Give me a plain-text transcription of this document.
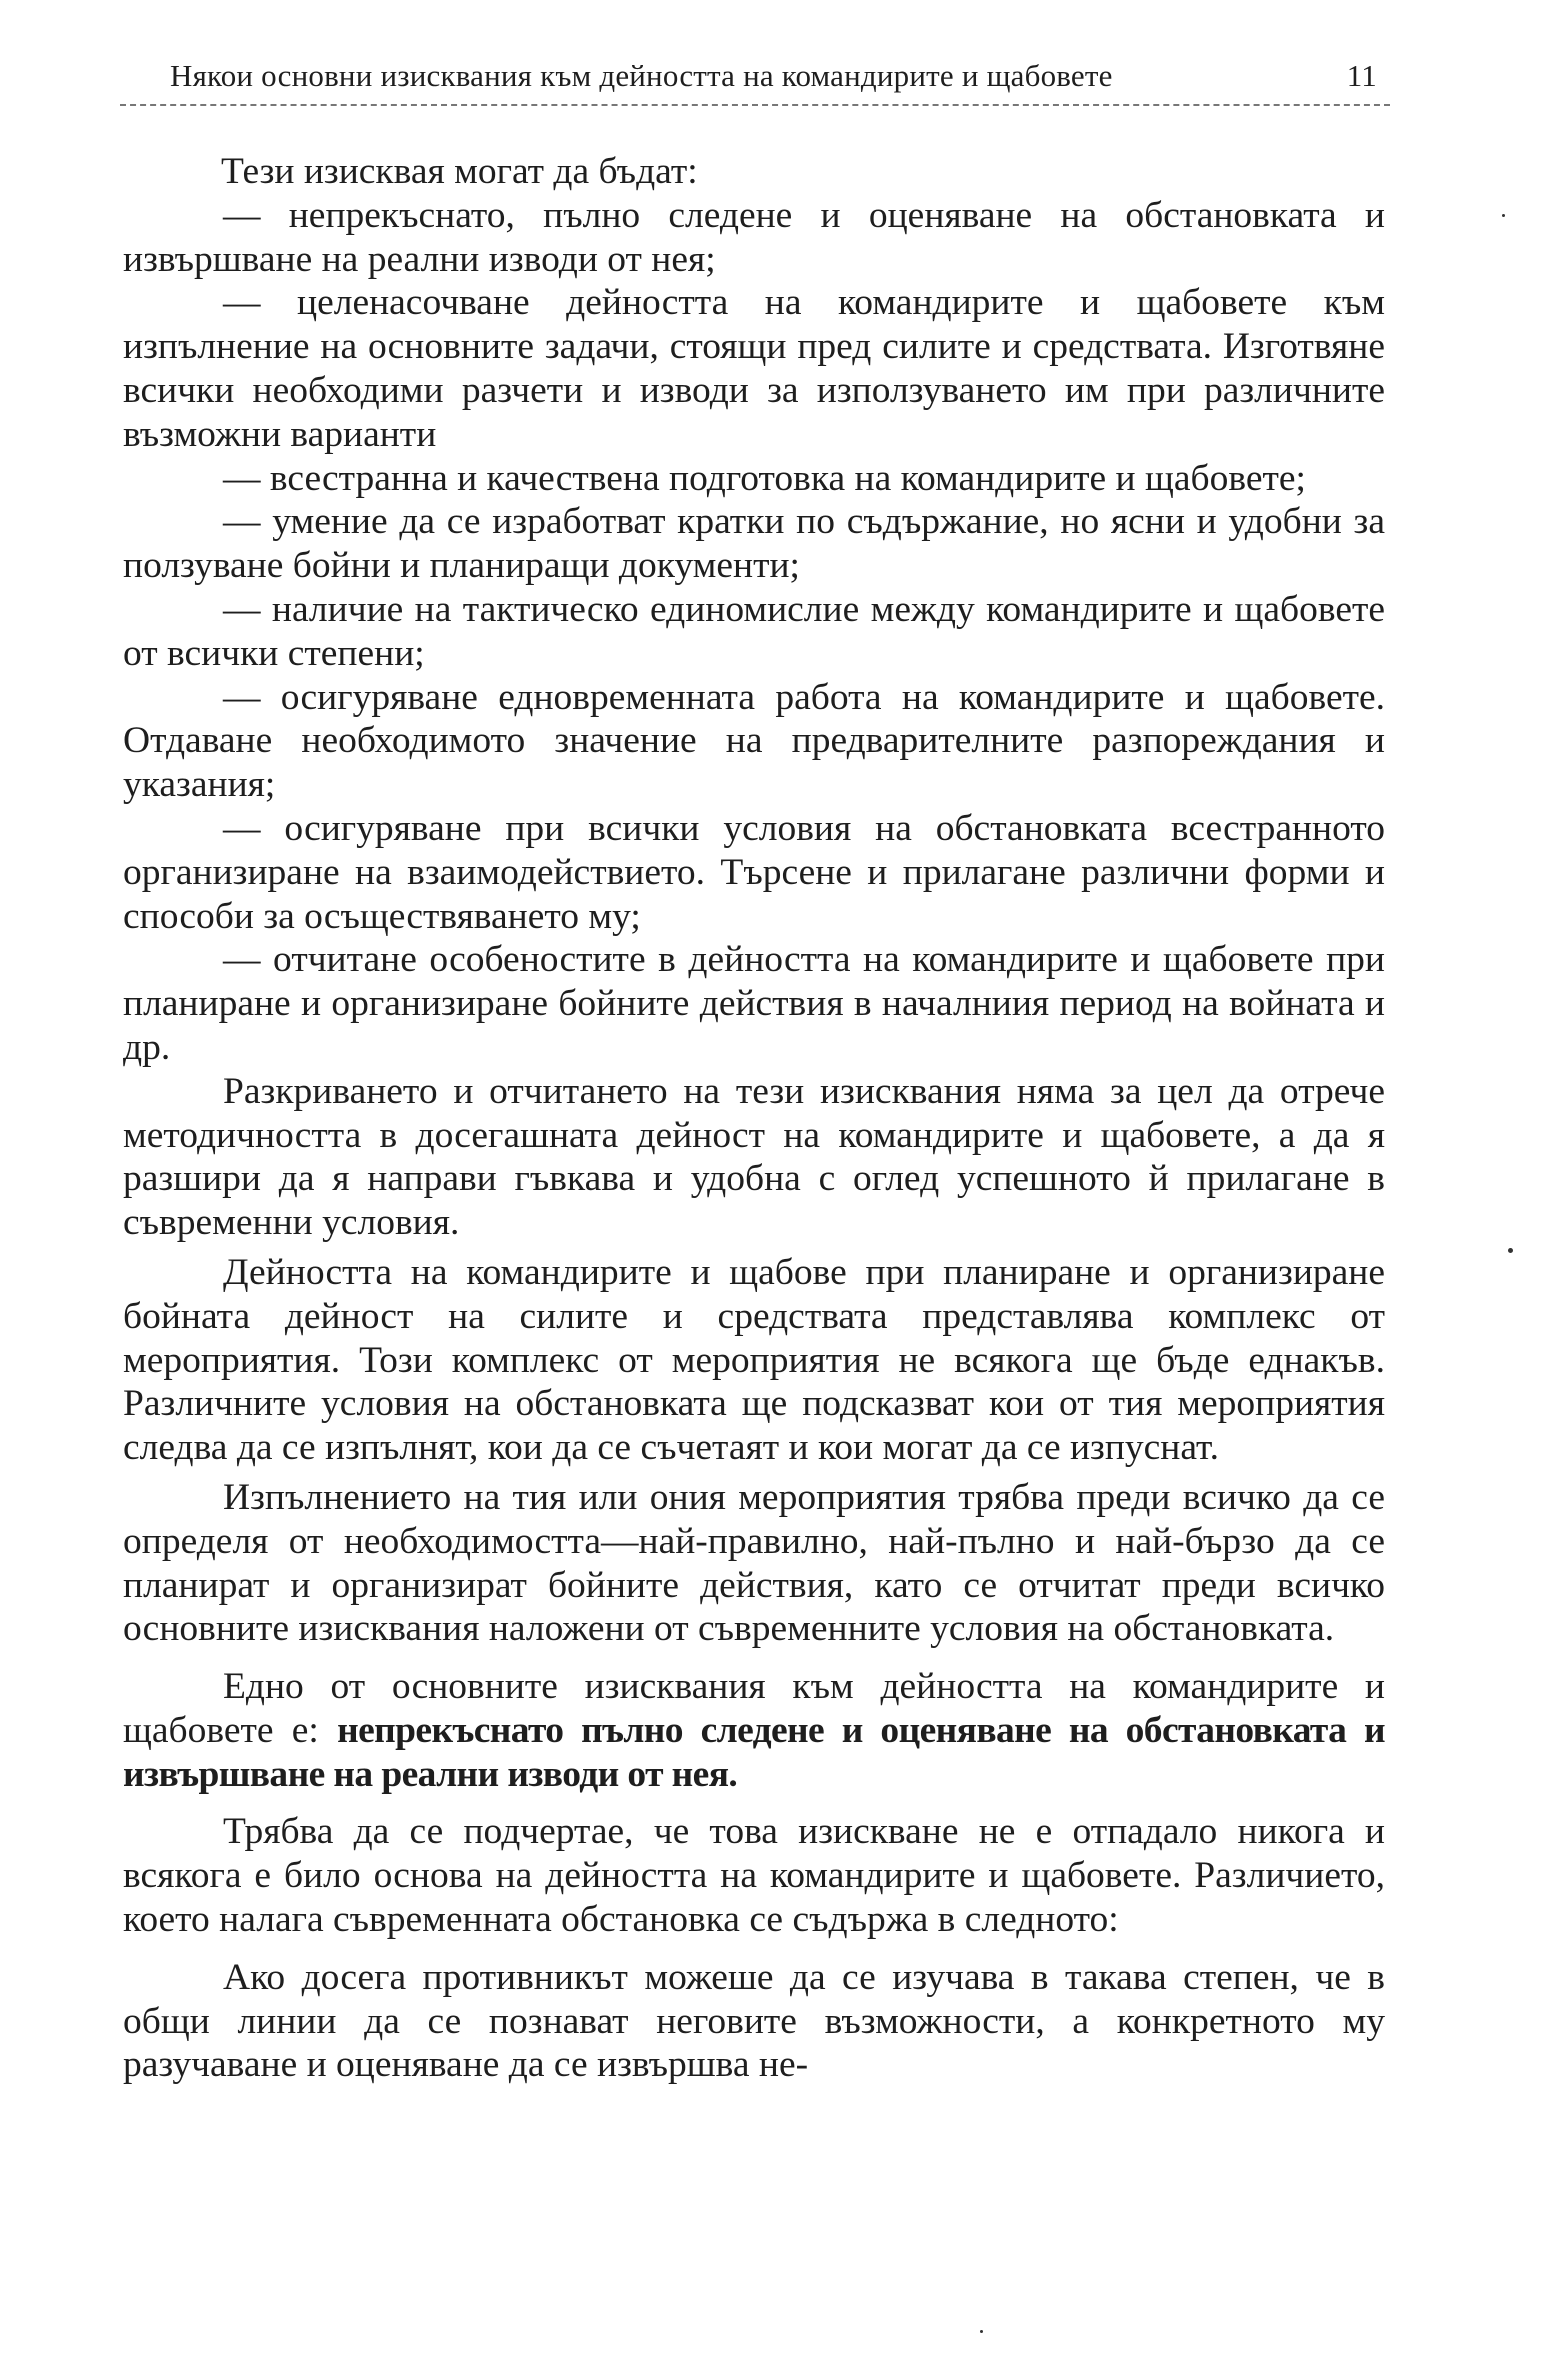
Някои основни изисквания към дейността на командирите и щабовете	11

Тези изисквая могат да бъдат:

— непрекъснато, пълно следене и оценяване на обстановката и извършване на реални изводи от нея;

— целенасочване дейността на командирите и щабовете към изпълнение на основните задачи, стоящи пред силите и средствата. Изготвяне всички необходими разчети и изводи за използуването им при различните възможни варианти

— всестранна и качествена подготовка на командирите и щабовете;

— умение да се изработват кратки по съдържание, но ясни и удобни за ползуване бойни и планиращи документи;

— наличие на тактическо единомислие между командирите и щабовете от всички степени;

— осигуряване едновременната работа на командирите и щабовете. Отдаване необходимото значение на предварителните разпореждания и указания;

— осигуряване при всички условия на обстановката всестранното организиране на взаимодействието. Търсене и прилагане различни форми и способи за осъществяването му;

— отчитане особеностите в дейността на командирите и щабовете при планиране и организиране бойните действия в началниия период на войната и др.

Разкриването и отчитането на тези изисквания няма за цел да отрече методичността в досегашната дейност на командирите и щабовете, а да я разшири да я направи гъвкава и удобна с оглед успешното й прилагане в съвременни условия.

Дейността на командирите и щабове при планиране и организиране бойната дейност на силите и средствата представлява комплекс от мероприятия. Този комплекс от мероприятия не всякога ще бъде еднакъв. Различните условия на обстановката ще подсказват кои от тия мероприятия следва да се изпълнят, кои да се съчетаят и кои могат да се изпуснат.

Изпълнението на тия или ония мероприятия трябва преди всичко да се определя от необходимостта—най-правилно, най-пълно и най-бързо да се планират и организират бойните действия, като се отчитат преди всичко основните изисквания наложени от съвременните условия на обстановката.

Едно от основните изисквания към дейността на командирите и щабовете е: непрекъснато пълно следене и оценяване на обстановката и извършване на реални изводи от нея.

Трябва да се подчертае, че това изискване не е отпадало никога и всякога е било основа на дейността на командирите и щабовете. Различието, което налага съвременната обстановка се съдържа в следното:

Ако досега противникът можеше да се изучава в такава степен, че в общи линии да се познават неговите възможности, а конкретното му разучаване и оценяване да се извършва не-
